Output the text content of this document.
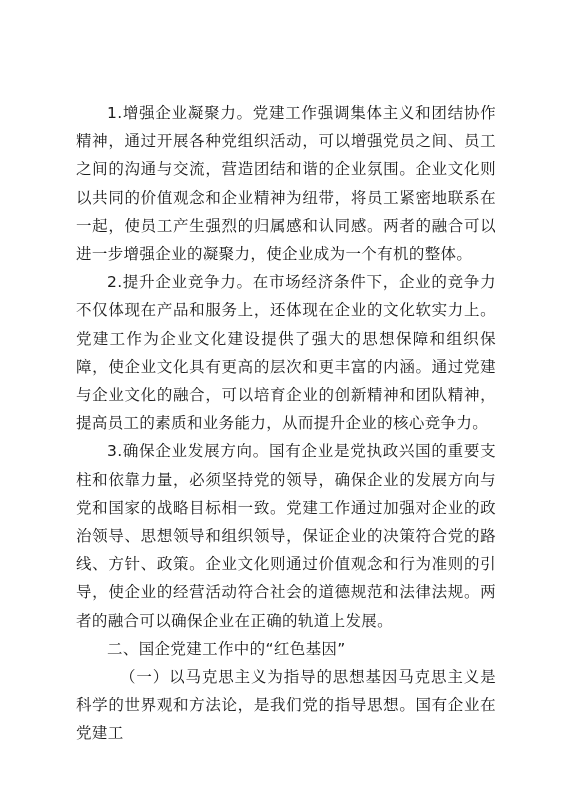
1.增强企业凝聚力。党建工作强调集体主义和团结协作精神，通过开展各种党组织活动，可以增强党员之间、员工之间的沟通与交流，营造团结和谐的企业氛围。企业文化则以共同的价值观念和企业精神为纽带，将员工紧密地联系在一起，使员工产生强烈的归属感和认同感。两者的融合可以进一步增强企业的凝聚力，使企业成为一个有机的整体。

2.提升企业竞争力。在市场经济条件下，企业的竞争力不仅体现在产品和服务上，还体现在企业的文化软实力上。党建工作为企业文化建设提供了强大的思想保障和组织保障，使企业文化具有更高的层次和更丰富的内涵。通过党建与企业文化的融合，可以培育企业的创新精神和团队精神，提高员工的素质和业务能力，从而提升企业的核心竞争力。

3.确保企业发展方向。国有企业是党执政兴国的重要支柱和依靠力量，必须坚持党的领导，确保企业的发展方向与党和国家的战略目标相一致。党建工作通过加强对企业的政治领导、思想领导和组织领导，保证企业的决策符合党的路线、方针、政策。企业文化则通过价值观念和行为准则的引导，使企业的经营活动符合社会的道德规范和法律法规。两者的融合可以确保企业在正确的轨道上发展。

二、国企党建工作中的“红色基因”

（一）以马克思主义为指导的思想基因马克思主义是科学的世界观和方法论，是我们党的指导思想。国有企业在党建工
